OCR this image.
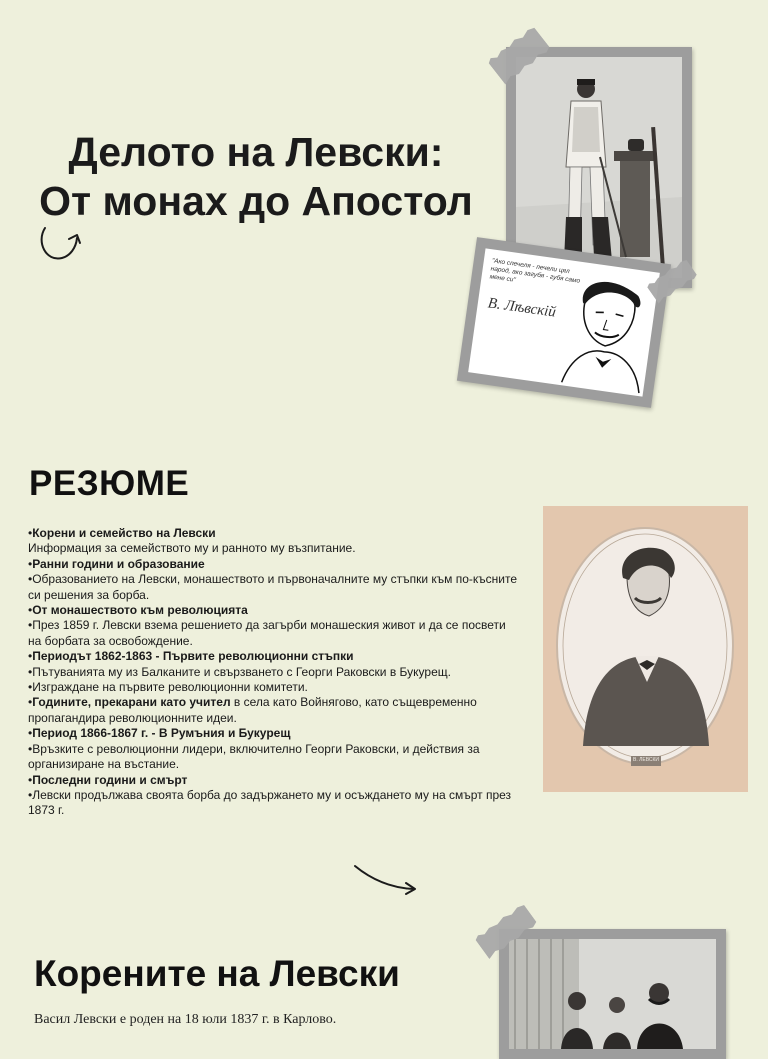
Делото на Левски:
От монах до Апостол
"Ако спечеля - печели цял народ, ако загубя - губя само мене си"
В. Лѣвскiй
РЕЗЮМЕ

•Корени и семейство на Левски

Информация за семейството му и ранното му възпитание.

•Ранни години и образование

•Образованието на Левски, монашеството и първоначалните му стъпки към по-късните си решения за борба.

•От монашеството към революцията

•През 1859 г. Левски взема решението да загърби монашеския живот и да се посвети на борбата за освобождение.

•Периодът 1862-1863 - Първите революционни стъпки

•Пътуванията му из Балканите и свързването с Георги Раковски в Букурещ.

•Изграждане на първите революционни комитети.

•Годините, прекарани като учител в села като Войнягово, като същевременно пропагандира революционните идеи.

•Период 1866-1867 г. - В Румъния и Букурещ

•Връзките с революционни лидери, включително Георги Раковски, и действия за организиране на въстание.

•Последни години и смърт

•Левски продължава своята борба до задържането му и осъждането му на смърт през 1873 г.

В. ЛЕВСКИ
Корените на Левски
Васил Левски е роден на 18 юли 1837 г. в Карлово.
